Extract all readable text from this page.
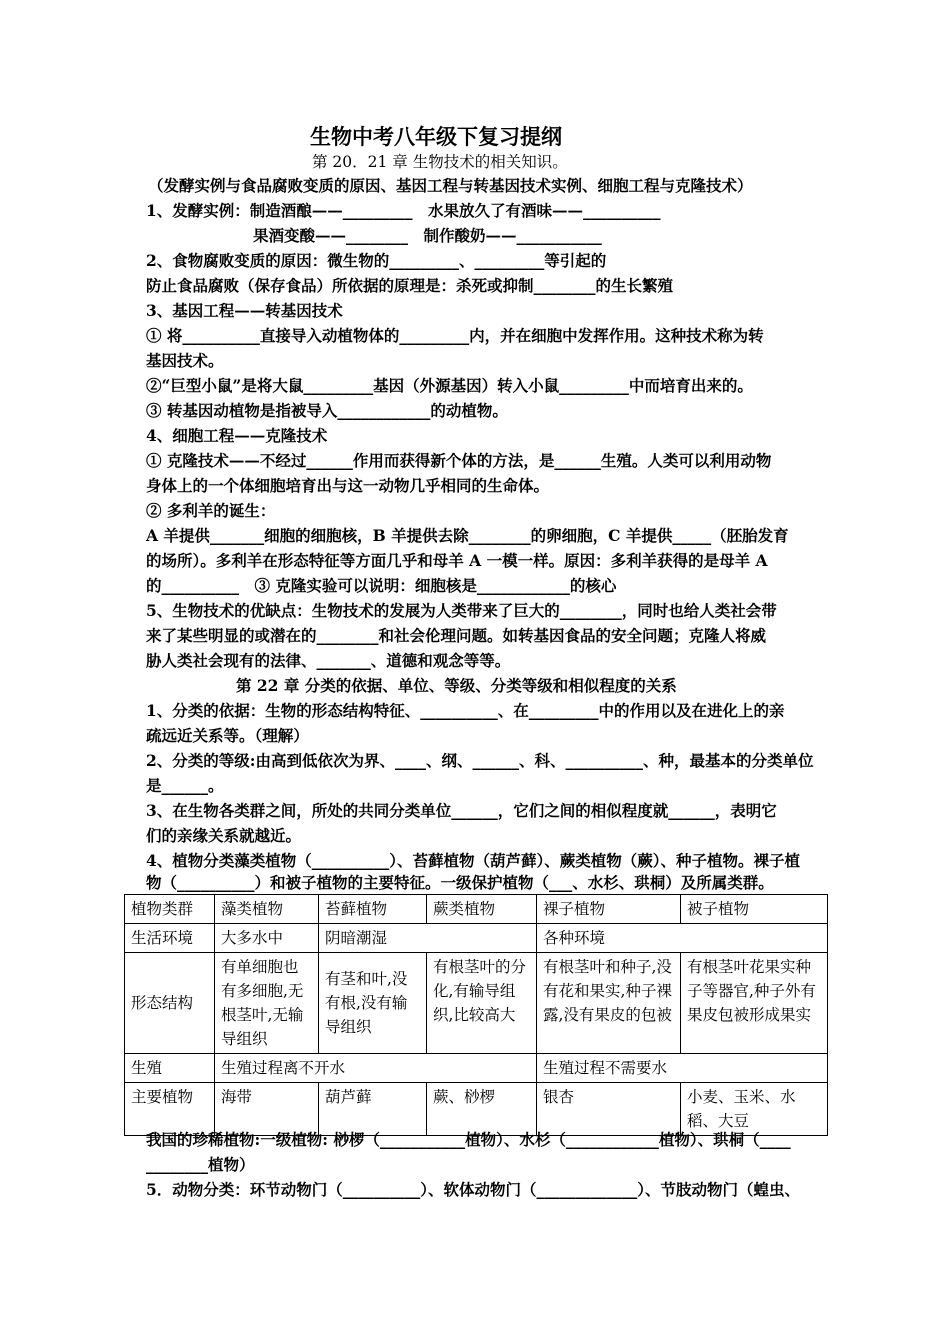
生物中考八年级下复习提纲
第 20．21 章 生物技术的相关知识。
（发酵实例与食品腐败变质的原因、基因工程与转基因技术实例、细胞工程与克隆技术）
1、发酵实例：制造酒酿——_________　水果放久了有酒味——__________
果酒变酸——________　制作酸奶——___________
2、食物腐败变质的原因：微生物的_________、_________等引起的
防止食品腐败（保存食品）所依据的原理是：杀死或抑制________的生长繁殖
3、基因工程——转基因技术
① 将__________直接导入动植物体的_________内，并在细胞中发挥作用。这种技术称为转
基因技术。
②“巨型小鼠”是将大鼠_________基因（外源基因）转入小鼠_________中而培育出来的。
③ 转基因动植物是指被导入____________的动植物。
4、细胞工程——克隆技术
① 克隆技术——不经过______作用而获得新个体的方法，是______生殖。人类可以利用动物
身体上的一个体细胞培育出与这一动物几乎相同的生命体。
② 多利羊的诞生：
A 羊提供_______细胞的细胞核，B 羊提供去除________的卵细胞，C 羊提供_____（胚胎发育
的场所）。多利羊在形态特征等方面几乎和母羊 A 一模一样。原因：多利羊获得的是母羊 A
的__________　③ 克隆实验可以说明：细胞核是____________的核心
5、生物技术的优缺点：生物技术的发展为人类带来了巨大的________，同时也给人类社会带
来了某些明显的或潜在的________和社会伦理问题。如转基因食品的安全问题；克隆人将威
胁人类社会现有的法律、_______、道德和观念等等。
第 22 章 分类的依据、单位、等级、分类等级和相似程度的关系
1、分类的依据：生物的形态结构特征、__________、在_________中的作用以及在进化上的亲
疏远近关系等。（理解）
2、分类的等级:由高到低依次为界、____、纲、______、科、__________、种，最基本的分类单位
是______。
3、在生物各类群之间，所处的共同分类单位______，它们之间的相似程度就______，表明它
们的亲缘关系就越近。
4、植物分类藻类植物（__________）、苔藓植物（葫芦藓）、蕨类植物（蕨）、种子植物。裸子植
物（__________）和被子植物的主要特征。一级保护植物（___、水杉、珙桐）及所属类群。
植物类群	藻类植物	苔藓植物	蕨类植物	裸子植物	被子植物
生活环境	大多水中	阴暗潮湿		各种环境	
形态结构	有单细胞也有多细胞,无根茎叶,无输导组织	有茎和叶,没有根,没有输导组织	有根茎叶的分化,有输导组织,比较高大	有根茎叶和种子,没有花和果实,种子裸露,没有果皮的包被	有根茎叶花果实种子等器官,种子外有果皮包被形成果实
生殖	生殖过程离不开水			生殖过程不需要水	
主要植物	海带	葫芦藓	蕨、桫椤	银杏	小麦、玉米、水稻、大豆
我国的珍稀植物:一级植物: 桫椤（___________植物）、水杉（____________植物）、珙桐（____
________植物）
5．动物分类：环节动物门（__________）、软体动物门（_____________）、节肢动物门（蝗虫、
